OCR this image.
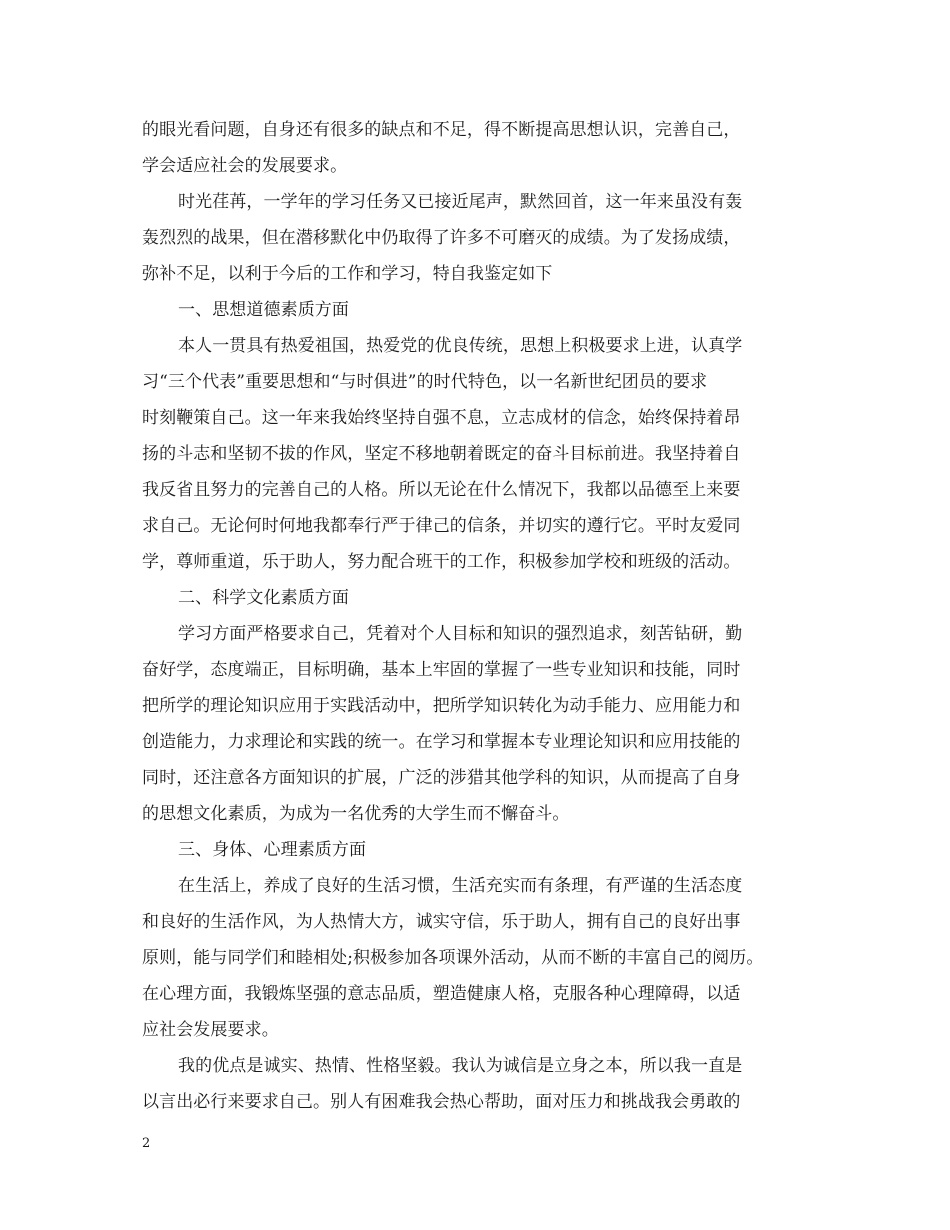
的眼光看问题，自身还有很多的缺点和不足，得不断提高思想认识，完善自己，
学会适应社会的发展要求。
时光荏苒，一学年的学习任务又已接近尾声，默然回首，这一年来虽没有轰
轰烈烈的战果，但在潜移默化中仍取得了许多不可磨灭的成绩。为了发扬成绩，
弥补不足，以利于今后的工作和学习，特自我鉴定如下
一、思想道德素质方面
本人一贯具有热爱祖国，热爱党的优良传统，思想上积极要求上进，认真学
习“三个代表”重要思想和“与时俱进”的时代特色，以一名新世纪团员的要求
时刻鞭策自己。这一年来我始终坚持自强不息，立志成材的信念，始终保持着昂
扬的斗志和坚韧不拔的作风，坚定不移地朝着既定的奋斗目标前进。我坚持着自
我反省且努力的完善自己的人格。所以无论在什么情况下，我都以品德至上来要
求自己。无论何时何地我都奉行严于律己的信条，并切实的遵行它。平时友爱同
学，尊师重道，乐于助人，努力配合班干的工作，积极参加学校和班级的活动。
二、科学文化素质方面
学习方面严格要求自己，凭着对个人目标和知识的强烈追求，刻苦钻研，勤
奋好学，态度端正，目标明确，基本上牢固的掌握了一些专业知识和技能，同时
把所学的理论知识应用于实践活动中，把所学知识转化为动手能力、应用能力和
创造能力，力求理论和实践的统一。在学习和掌握本专业理论知识和应用技能的
同时，还注意各方面知识的扩展，广泛的涉猎其他学科的知识，从而提高了自身
的思想文化素质，为成为一名优秀的大学生而不懈奋斗。
三、身体、心理素质方面
在生活上，养成了良好的生活习惯，生活充实而有条理，有严谨的生活态度
和良好的生活作风，为人热情大方，诚实守信，乐于助人，拥有自己的良好出事
原则，能与同学们和睦相处;积极参加各项课外活动，从而不断的丰富自己的阅历。
在心理方面，我锻炼坚强的意志品质，塑造健康人格，克服各种心理障碍，以适
应社会发展要求。
我的优点是诚实、热情、性格坚毅。我认为诚信是立身之本，所以我一直是
以言出必行来要求自己。别人有困难我会热心帮助，面对压力和挑战我会勇敢的
2
